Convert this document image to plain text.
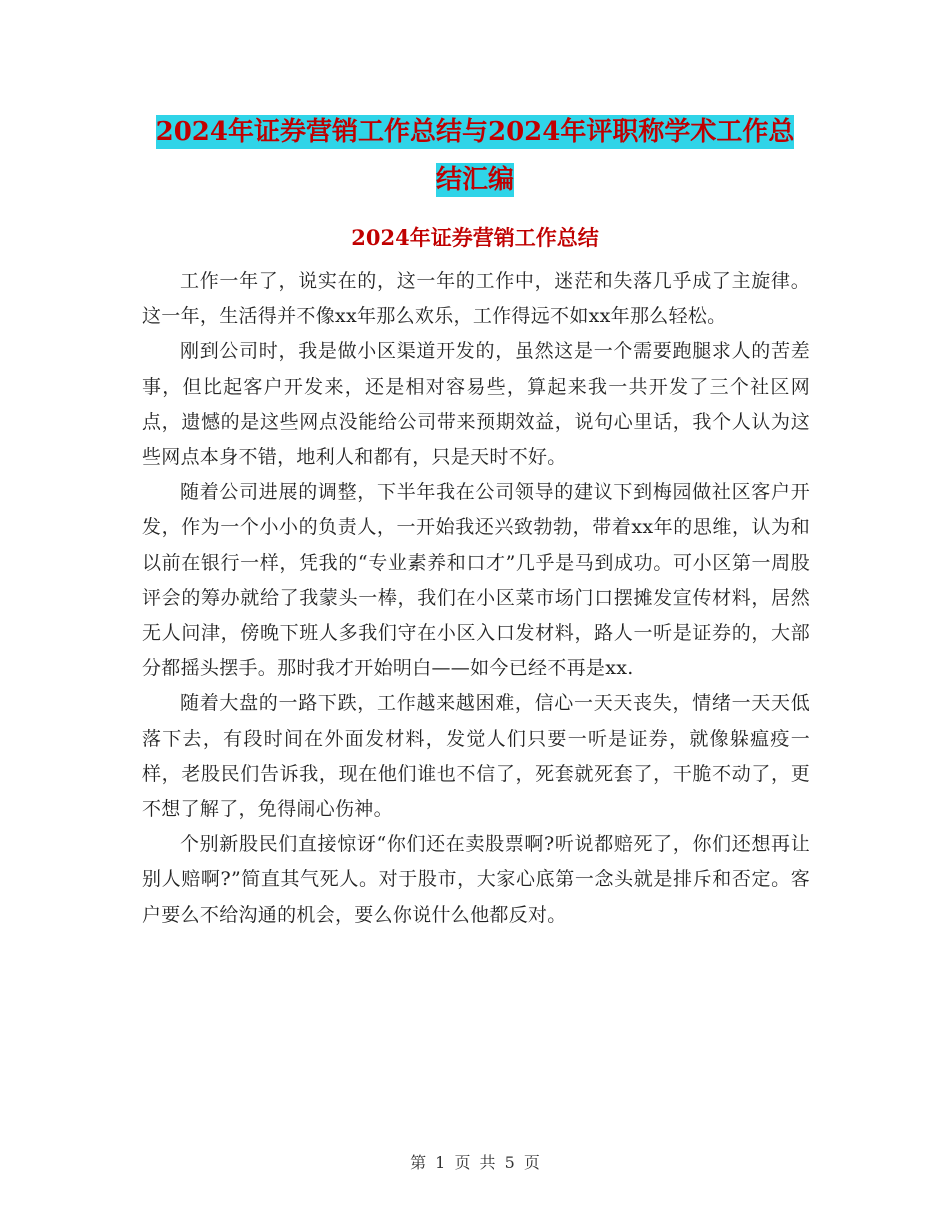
2024年证券营销工作总结与2024年评职称学术工作总
结汇编
2024年证券营销工作总结

工作一年了，说实在的，这一年的工作中，迷茫和失落几乎成了主旋律。这一年，生活得并不像xx年那么欢乐，工作得远不如xx年那么轻松。

刚到公司时，我是做小区渠道开发的，虽然这是一个需要跑腿求人的苦差事，但比起客户开发来，还是相对容易些，算起来我一共开发了三个社区网点，遗憾的是这些网点没能给公司带来预期效益，说句心里话，我个人认为这些网点本身不错，地利人和都有，只是天时不好。

随着公司进展的调整，下半年我在公司领导的建议下到梅园做社区客户开发，作为一个小小的负责人，一开始我还兴致勃勃，带着xx年的思维，认为和以前在银行一样，凭我的“专业素养和口才”几乎是马到成功。可小区第一周股评会的筹办就给了我蒙头一棒，我们在小区菜市场门口摆摊发宣传材料，居然无人问津，傍晚下班人多我们守在小区入口发材料，路人一听是证券的，大部分都摇头摆手。那时我才开始明白——如今已经不再是xx.

随着大盘的一路下跌，工作越来越困难，信心一天天丧失，情绪一天天低落下去，有段时间在外面发材料，发觉人们只要一听是证券，就像躲瘟疫一样，老股民们告诉我，现在他们谁也不信了，死套就死套了，干脆不动了，更不想了解了，免得闹心伤神。

个别新股民们直接惊讶“你们还在卖股票啊?听说都赔死了，你们还想再让别人赔啊?”简直其气死人。对于股市，大家心底第一念头就是排斥和否定。客户要么不给沟通的机会，要么你说什么他都反对。

第 1 页 共 5 页
